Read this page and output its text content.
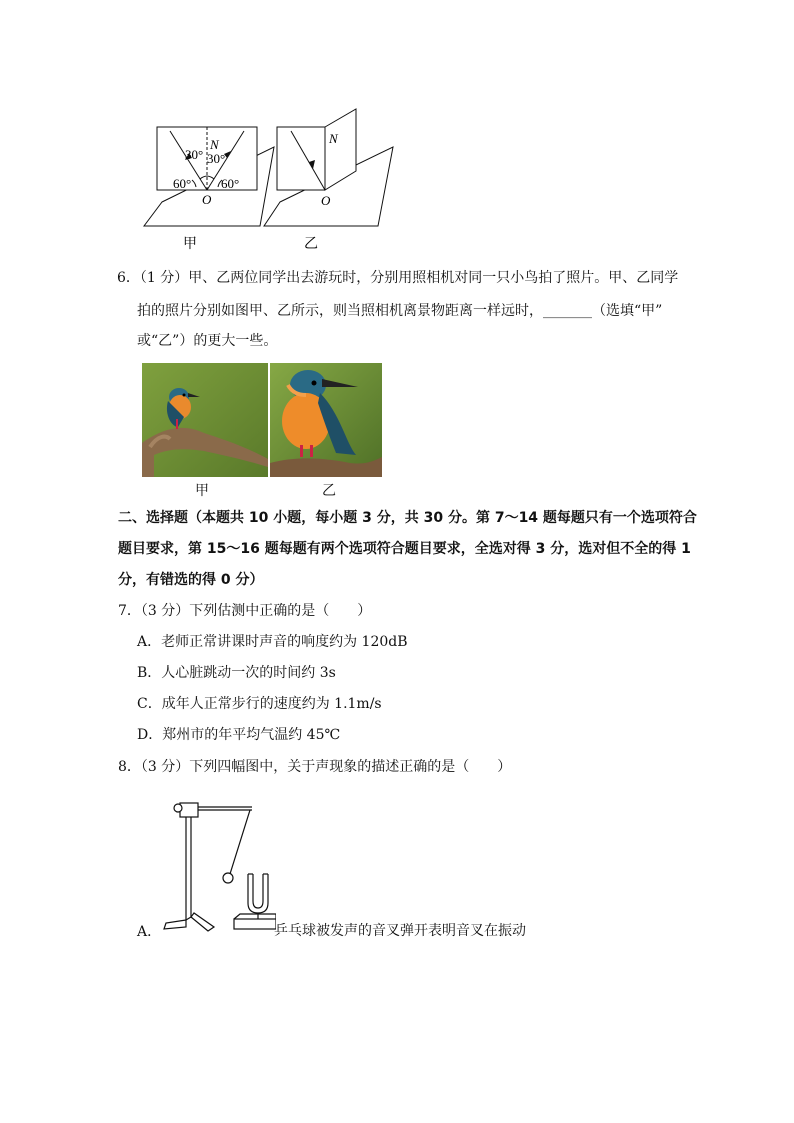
N
30° 30°
60° 60°
O
N
O
甲	乙
6．（1 分）甲、乙两位同学出去游玩时，分别用照相机对同一只小鸟拍了照片。甲、乙同学
拍的照片分别如图甲、乙所示，则当照相机离景物距离一样远时，_______（选填“甲”
或“乙”）的更大一些。
甲	乙
二、选择题（本题共 10 小题，每小题 3 分，共 30 分。第 7～14 题每题只有一个选项符合
题目要求，第 15～16 题每题有两个选项符合题目要求，全选对得 3 分，选对但不全的得 1
分，有错选的得 0 分）
7．（3 分）下列估测中正确的是（　　）
A．老师正常讲课时声音的响度约为 120dB
B．人心脏跳动一次的时间约 3s
C．成年人正常步行的速度约为 1.1m/s
D．郑州市的年平均气温约 45℃
8．（3 分）下列四幅图中，关于声现象的描述正确的是（　　）
A．	乒乓球被发声的音叉弹开表明音叉在振动
